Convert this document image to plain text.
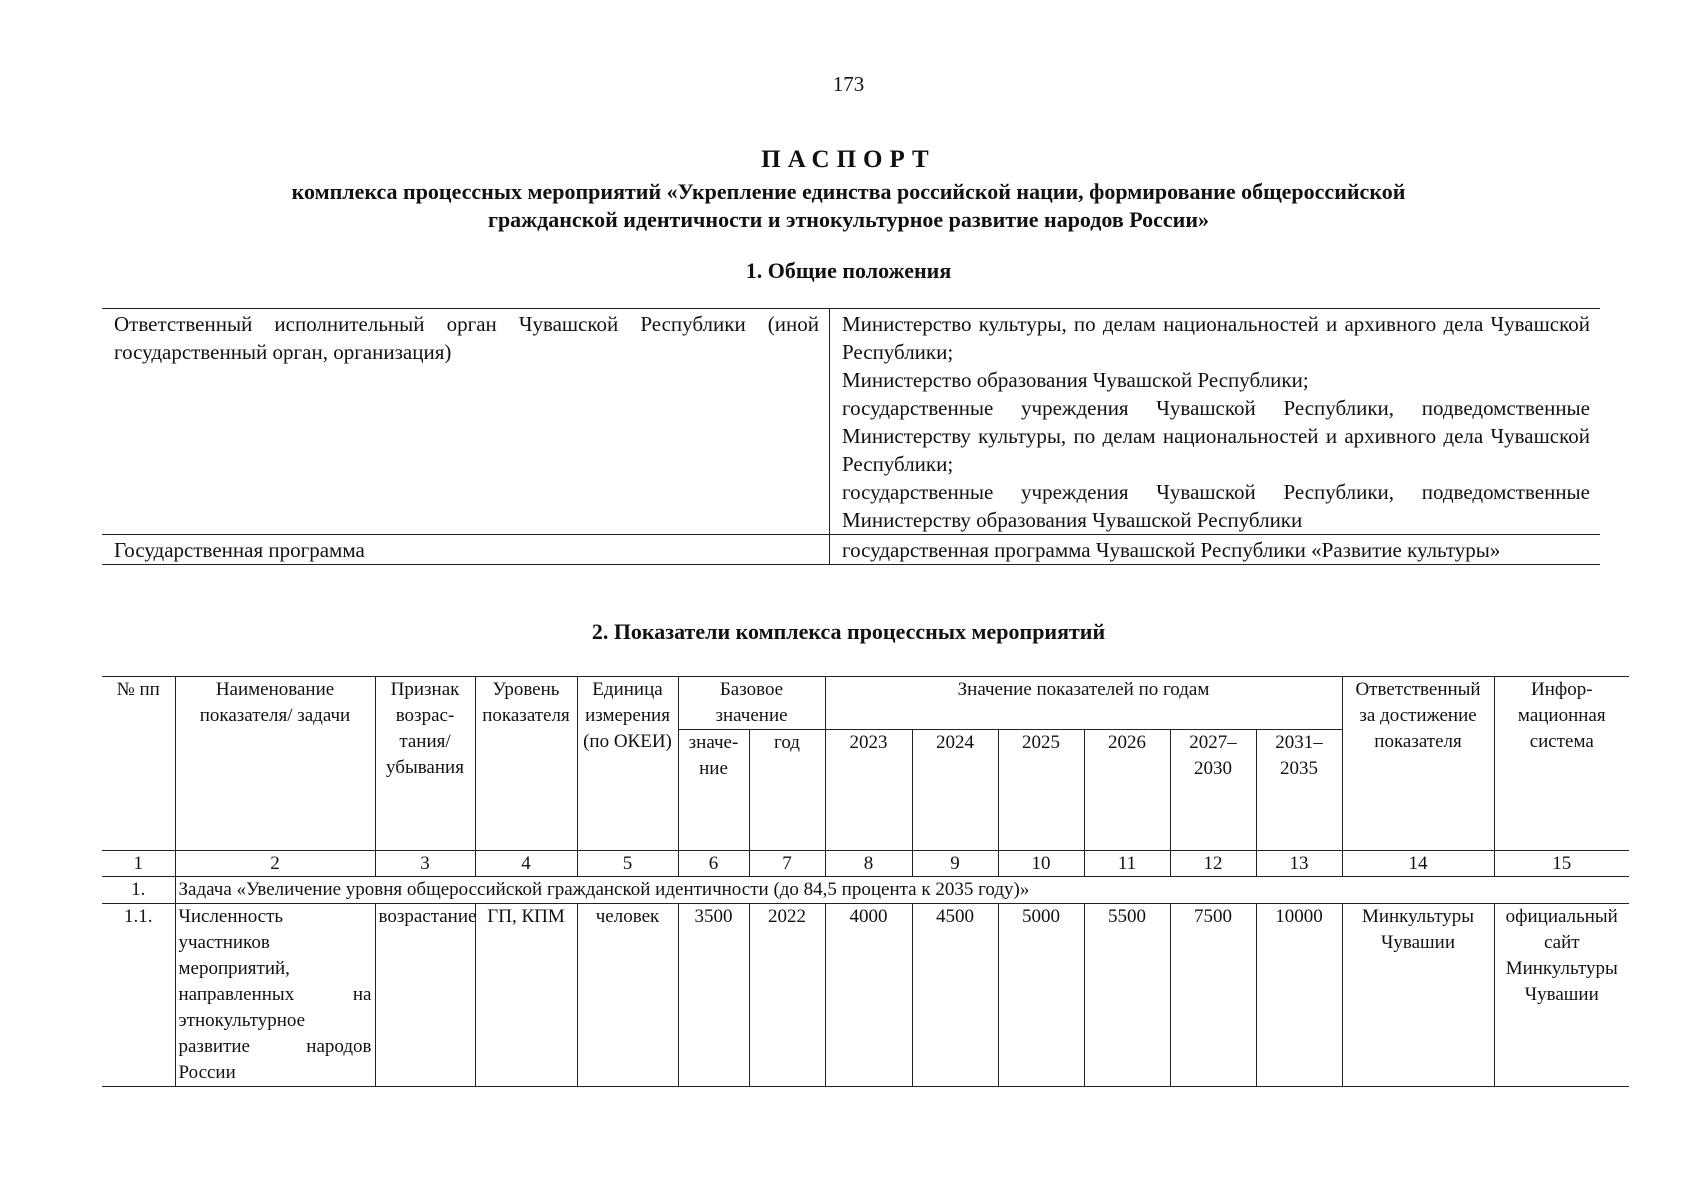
173
ПАСПОРТ
комплекса процессных мероприятий «Укрепление единства российской нации, формирование общероссийской
гражданской идентичности и этнокультурное развитие народов России»
1. Общие положения
Ответственный исполнительный орган Чувашской Республики (иной государственный орган, организация)	Министерство культуры, по делам национальностей и архивного дела Чувашской Республики;
Министерство образования Чувашской Республики;
государственные учреждения Чувашской Республики, подведомственные Министерству культуры, по делам национальностей и архивного дела Чувашской Республики;
государственные учреждения Чувашской Республики, подведомственные Министерству образования Чувашской Республики

Государственная программа	государственная программа Чувашской Республики «Развитие культуры»
2. Показатели комплекса процессных мероприятий
№ пп	Наименование показателя/ задачи	Признак возрастания/ убывания	Уровень показателя	Единица измерения (по ОКЕИ)	Базовое значение		Значение показателей по годам						Ответственный за достижение показателя	Информационная система
					значение	год	2023	2024	2025	2026	2027– 2030	2031– 2035		
1	2	3	4	5	6	7	8	9	10	11	12	13	14	15
1.	Задача «Увеличение уровня общероссийской гражданской идентичности (до 84,5 процента к 2035 году)»													
1.1.	Численность участников мероприятий, направленных на этнокультурное развитие народов России	возрастание	ГП, КПМ	человек	3500	2022	4000	4500	5000	5500	7500	10000	Минкультуры Чувашии	официальный сайт Минкультуры Чувашии
